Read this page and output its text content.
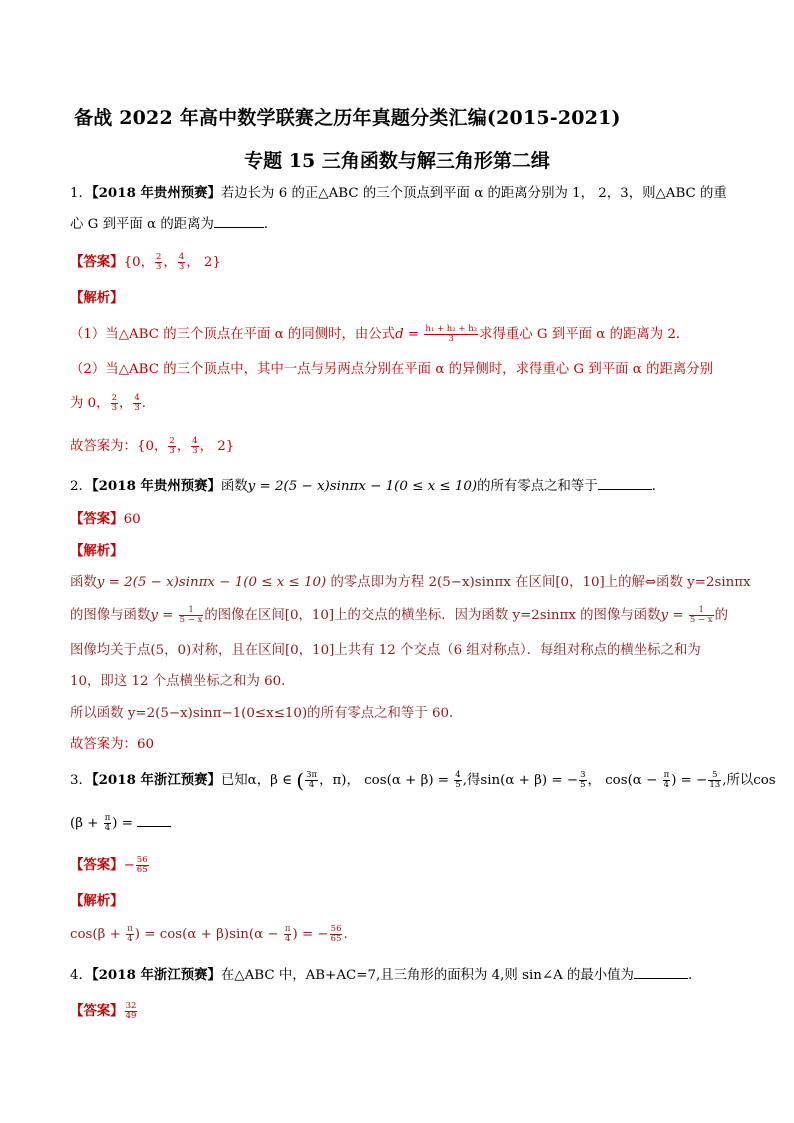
备战 2022 年高中数学联赛之历年真题分类汇编(2015-2021)
专题 15 三角函数与解三角形第二缉
1．【2018 年贵州预赛】若边长为 6 的正△ABC 的三个顶点到平面 α 的距离分别为 1， 2，3，则△ABC 的重
心 G 到平面 α 的距离为	．
【答案】{0， $\frac{2}{3}$ ， $\frac{4}{3}$ ， 2}
【解析】
（1）当△ABC 的三个顶点在平面 α 的同侧时，由公式$d = \frac{\text{h₁ + h₂ + h₃}}{3}$ 求得重心 G 到平面 α 的距离为 2．
（2）当△ABC 的三个顶点中，其中一点与另两点分别在平面 α 的异侧时，求得重心 G 到平面 α 的距离分别
为 0， $\frac{2}{3}$ ， $\frac{4}{3}$ ．
故答案为：{0， $\frac{2}{3}$ ， $\frac{4}{3}$ ， 2}
2．【2018 年贵州预赛】函数y = 2(5 − x)sinπx − 1(0 ≤ x ≤ 10)的所有零点之和等于	．
【答案】60
【解析】
函数y = 2(5 − x)sinπx − 1(0 ≤ x ≤ 10) 的零点即为方程 2(5−x)sinπx 在区间[0，10]上的解⇔函数 y=2sinπx
的图像与函数$y = \frac{1}{5 - x}$ 的图像在区间[0，10]上的交点的横坐标．因为函数 y=2sinπx 的图像与函数$y = \frac{1}{5 - x}$ 的
图像均关于点(5，0)对称，且在区间[0，10]上共有 12 个交点（6 组对称点）．每组对称点的横坐标之和为
10，即这 12 个点横坐标之和为 60．
所以函数 y=2(5−x)sinπ−1(0≤x≤10)的所有零点之和等于 60．
故答案为：60
3．【2018 年浙江预赛】已知α，β ∈ ( $\frac{3\pi}{4}$ ，π)， $\cos(\alpha + \beta) = \frac{4}{5}$ ,得sin(α + β) = − $\frac{3}{5}$ ， $\cos(\alpha - \frac{\pi}{4}$ ) = − $\frac{5}{13}$ ,所以cos
($\beta + \frac{\pi}{4}$ ) =
【答案】− $\frac{56}{65}$
【解析】
$\cos(\beta + \frac{\pi}{4}$ ) = $\cos(\alpha + \beta)\sin(\alpha - \frac{\pi}{4}$ ) = − $\frac{56}{65}$ .
4．【2018 年浙江预赛】在△ABC 中，AB+AC=7,且三角形的面积为 4,则 sin∠A 的最小值为	.
【答案】 $\frac{32}{49}$
